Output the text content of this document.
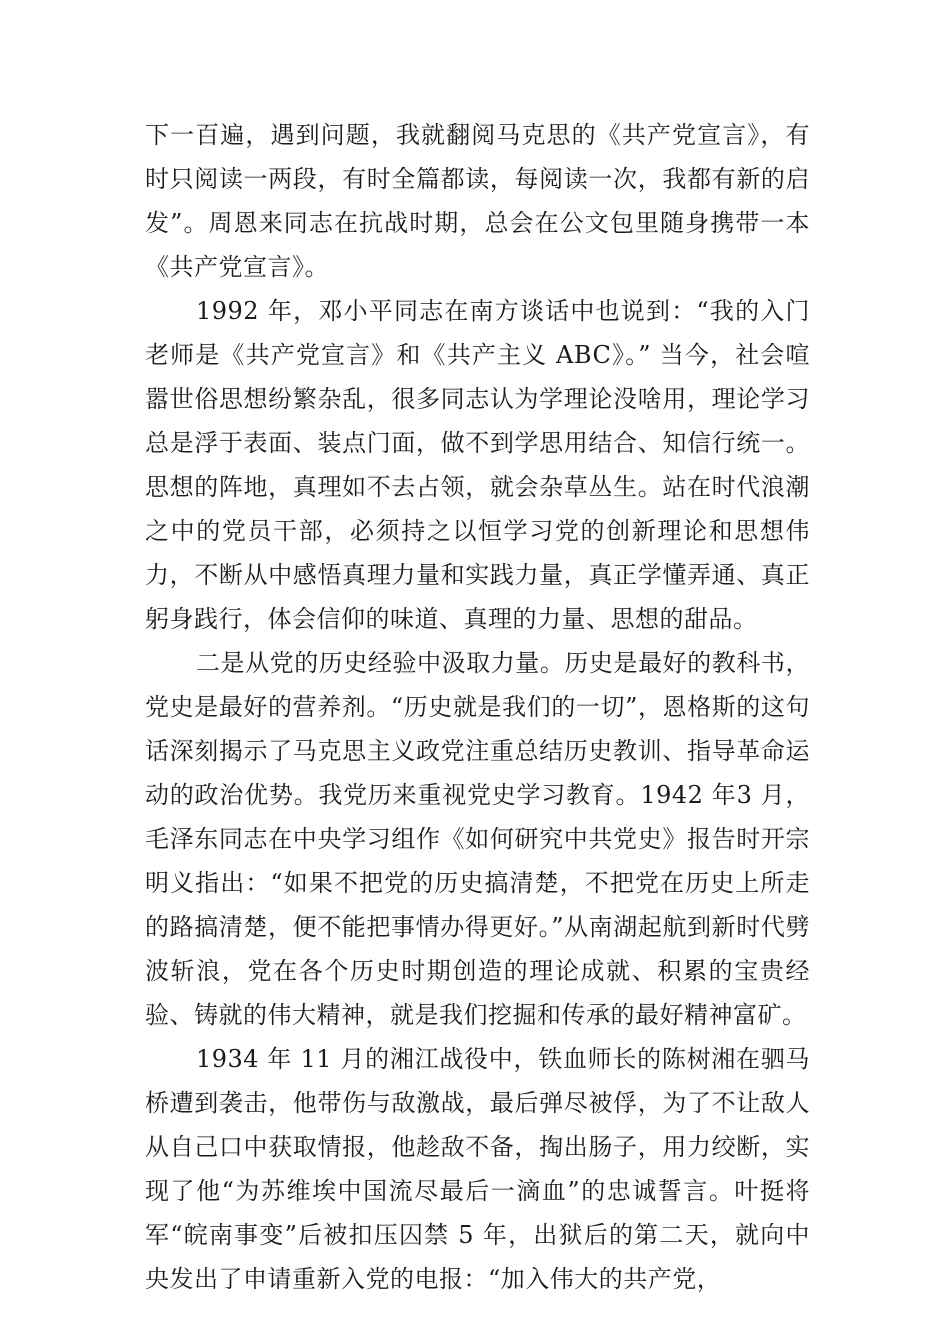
下一百遍，遇到问题，我就翻阅马克思的《共产党宣言》，有时只阅读一两段，有时全篇都读，每阅读一次，我都有新的启发”。周恩来同志在抗战时期，总会在公文包里随身携带一本《共产党宣言》。

1992 年，邓小平同志在南方谈话中也说到：“我的入门老师是《共产党宣言》和《共产主义 ABC》。” 当今，社会喧嚣世俗思想纷繁杂乱，很多同志认为学理论没啥用，理论学习总是浮于表面、装点门面，做不到学思用结合、知信行统一。思想的阵地，真理如不去占领，就会杂草丛生。站在时代浪潮之中的党员干部，必须持之以恒学习党的创新理论和思想伟力，不断从中感悟真理力量和实践力量，真正学懂弄通、真正躬身践行，体会信仰的味道、真理的力量、思想的甜品。

二是从党的历史经验中汲取力量。历史是最好的教科书，党史是最好的营养剂。“历史就是我们的一切”，恩格斯的这句话深刻揭示了马克思主义政党注重总结历史教训、指导革命运动的政治优势。我党历来重视党史学习教育。1942 年3 月，毛泽东同志在中央学习组作《如何研究中共党史》报告时开宗明义指出：“如果不把党的历史搞清楚，不把党在历史上所走的路搞清楚，便不能把事情办得更好。”从南湖起航到新时代劈波斩浪，党在各个历史时期创造的理论成就、积累的宝贵经验、铸就的伟大精神，就是我们挖掘和传承的最好精神富矿。

1934 年 11 月的湘江战役中，铁血师长的陈树湘在驷马桥遭到袭击，他带伤与敌激战，最后弹尽被俘，为了不让敌人从自己口中获取情报，他趁敌不备，掏出肠子，用力绞断，实现了他“为苏维埃中国流尽最后一滴血”的忠诚誓言。叶挺将军“皖南事变”后被扣压囚禁 5 年，出狱后的第二天，就向中央发出了申请重新入党的电报：“加入伟大的共产党，
